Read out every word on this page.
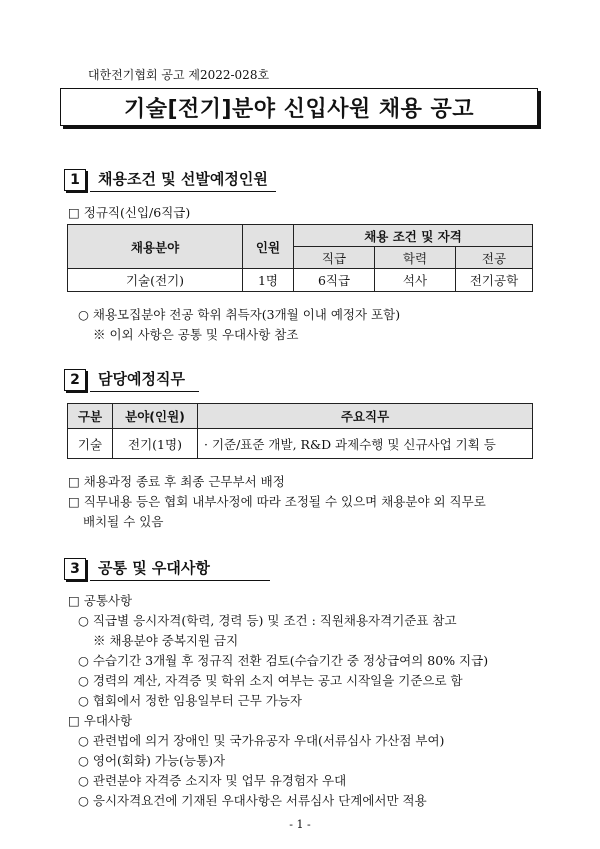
대한전기협회 공고 제2022-028호
기술[전기]분야 신입사원 채용 공고
1	채용조건 및 선발예정인원
□ 정규직(신입/6직급)
채용분야	인원	채용 조건 및 자격		
		직급	학력	전공
기술(전기)	1명	6직급	석사	전기공학
○ 채용모집분야 전공 학위 취득자(3개월 이내 예정자 포함)
※ 이외 사항은 공통 및 우대사항 참조
2	담당예정직무
구분	분야(인원)	주요직무
기술	전기(1명)	· 기준/표준 개발, R&D 과제수행 및 신규사업 기획 등
□ 채용과정 종료 후 최종 근무부서 배정
□ 직무내용 등은 협회 내부사정에 따라 조정될 수 있으며 채용분야 외 직무로
배치될 수 있음
3	공통 및 우대사항
□ 공통사항
○ 직급별 응시자격(학력, 경력 등) 및 조건 : 직원채용자격기준표 참고
※ 채용분야 중복지원 금지
○ 수습기간 3개월 후 정규직 전환 검토(수습기간 중 정상급여의 80% 지급)
○ 경력의 계산, 자격증 및 학위 소지 여부는 공고 시작일을 기준으로 함
○ 협회에서 정한 임용일부터 근무 가능자
□ 우대사항
○ 관련법에 의거 장애인 및 국가유공자 우대(서류심사 가산점 부여)
○ 영어(회화) 가능(능통)자
○ 관련분야 자격증 소지자 및 업무 유경험자 우대
○ 응시자격요건에 기재된 우대사항은 서류심사 단계에서만 적용
- 1 -
